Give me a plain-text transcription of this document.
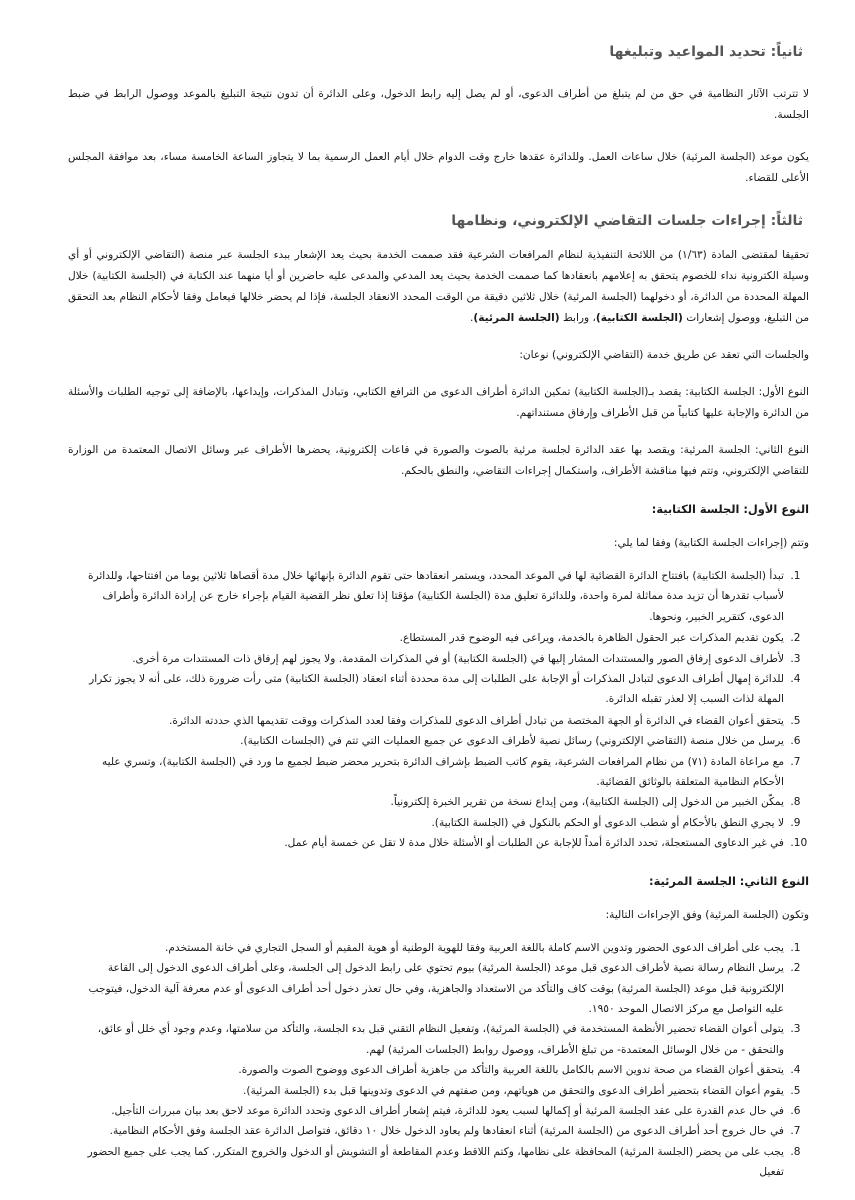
ثانياً: تحديد المواعيد وتبليغها

لا تترتب الآثار النظامية في حق من لم يتبلغ من أطراف الدعوى، أو لم يصل إليه رابط الدخول، وعلى الدائرة أن تدون نتيجة التبليغ بالموعد ووصول الرابط في ضبط الجلسة.

يكون موعد (الجلسة المرئية) خلال ساعات العمل. وللدائرة عقدها خارج وقت الدوام خلال أيام العمل الرسمية بما لا يتجاوز الساعة الخامسة مساء، بعد موافقة المجلس الأعلى للقضاء.

ثالثاً: إجراءات جلسات التقاضي الإلكتروني، ونظامها

تحقيقا لمقتضى المادة (١/٦٣) من اللائحة التنفيذية لنظام المرافعات الشرعية فقد صممت الخدمة بحيث يعد الإشعار ببدء الجلسة عبر منصة (التقاضي الإلكتروني أو أي وسيلة الكترونية نداء للخصوم يتحقق به إعلامهم بانعقادها كما صممت الخدمة بحيث يعد المدعي والمدعى عليه حاضرين أو أيا منهما عند الكتابة في (الجلسة الكتابية) خلال المهلة المحددة من الدائرة، أو دخولهما (الجلسة المرئية) خلال ثلاثين دقيقة من الوقت المحدد الانعقاد الجلسة، فإذا لم يحضر خلالها فيعامل وفقا لأحكام النظام بعد التحقق من التبليغ، ووصول إشعارات (الجلسة الكتابية)، ورابط (الجلسة المرئية).

والجلسات التي تعقد عن طريق خدمة (التقاضي الإلكتروني) نوعان:

النوع الأول: الجلسة الكتابية: يقصد بـ(الجلسة الكتابية) تمكين الدائرة أطراف الدعوى من الترافع الكتابي، وتبادل المذكرات، وإيداعها، بالإضافة إلى توجيه الطلبات والأسئلة من الدائرة والإجابة عليها كتابياً من قبل الأطراف وإرفاق مستنداتهم.

النوع الثاني: الجلسة المرئية: ويقصد بها عقد الدائرة لجلسة مرئية بالصوت والصورة في قاعات إلكترونية، يحضرها الأطراف عبر وسائل الاتصال المعتمدة من الوزارة للتقاضي الإلكتروني، وتتم فيها مناقشة الأطراف، واستكمال إجراءات التقاضي، والنطق بالحكم.

النوع الأول: الجلسة الكتابية:

وتتم (إجراءات الجلسة الكتابية) وفقا لما يلي:

1. تبدأ (الجلسة الكتابية) بافتتاح الدائرة القضائية لها في الموعد المحدد، ويستمر انعقادها حتى تقوم الدائرة بإنهائها خلال مدة أقصاها ثلاثين يوما من افتتاحها، وللدائرة لأسباب تقدرها أن تزيد مدة مماثلة لمرة واحدة، وللدائرة تعليق مدة (الجلسة الكتابية) مؤقتا إذا تعلق نظر القضية القيام بإجراء خارج عن إرادة الدائرة وأطراف الدعوى، كتقرير الخبير، ونحوها.
2. يكون تقديم المذكرات عبر الحقول الظاهرة بالخدمة، ويراعى فيه الوضوح قدر المستطاع.
3. لأطراف الدعوى إرفاق الصور والمستندات المشار إليها في (الجلسة الكتابية) أو في المذكرات المقدمة. ولا يجوز لهم إرفاق ذات المستندات مرة أخرى.
4. للدائرة إمهال أطراف الدعوى لتبادل المذكرات أو الإجابة على الطلبات إلى مدة محددة أثناء انعقاد (الجلسة الكتابية) متى رأت ضرورة ذلك، على أنه لا يجوز تكرار المهلة لذات السبب إلا لعذر تقبله الدائرة.
5. يتحقق أعوان القضاء في الدائرة أو الجهة المختصة من تبادل أطراف الدعوى للمذكرات وفقا لعدد المذكرات ووقت تقديمها الذي حددته الدائرة.
6. يرسل من خلال منصة (التقاضي الإلكتروني) رسائل نصية لأطراف الدعوى عن جميع العمليات التي تتم في (الجلسات الكتابية).
7. مع مراعاة المادة (٧١) من نظام المرافعات الشرعية، يقوم كاتب الضبط بإشراف الدائرة بتحرير محضر ضبط لجميع ما ورد في (الجلسة الكتابية)، وتسري عليه الأحكام النظامية المتعلقة بالوثائق القضائية.
8. يمكّن الخبير من الدخول إلى (الجلسة الكتابية)، ومن إيداع نسخة من تقرير الخبرة إلكترونياً.
9. لا يجري النطق بالأحكام أو شطب الدعوى أو الحكم بالنكول في (الجلسة الكتابية).
10. في غير الدعاوى المستعجلة، تحدد الدائرة أمداً للإجابة عن الطلبات أو الأسئلة خلال مدة لا تقل عن خمسة أيام عمل.
النوع الثاني: الجلسة المرئية:

وتكون (الجلسة المرئية) وفق الإجراءات التالية:

1. يجب على أطراف الدعوى الحضور وتدوين الاسم كاملة باللغة العربية وفقا للهوية الوطنية أو هوية المقيم أو السجل التجاري في خانة المستخدم.
2. يرسل النظام رسالة نصية لأطراف الدعوى قبل موعد (الجلسة المرئية) بيوم تحتوي على رابط الدخول إلى الجلسة، وعلى أطراف الدعوى الدخول إلى القاعة الإلكترونية قبل موعد (الجلسة المرئية) بوقت كاف والتأكد من الاستعداد والجاهزية، وفي حال تعذر دخول أحد أطراف الدعوى أو عدم معرفة آلية الدخول، فيتوجب عليه التواصل مع مركز الاتصال الموحد ١٩٥٠.
3. يتولى أعوان القضاء تحضير الأنظمة المستخدمة في (الجلسة المرئية)، وتفعيل النظام التقني قبل بدء الجلسة، والتأكد من سلامتها، وعدم وجود أي خلل أو عائق، والتحقق - من خلال الوسائل المعتمدة- من تبلغ الأطراف، ووصول روابط (الجلسات المرئية) لهم.
4. يتحقق أعوان القضاء من صحة تدوين الاسم بالكامل باللغة العربية والتأكد من جاهزية أطراف الدعوى ووضوح الصوت والصورة.
5. يقوم أعوان القضاء بتحضير أطراف الدعوى والتحقق من هوياتهم، ومن صفتهم في الدعوى وتدوينها قبل بدء (الجلسة المرئية).
6. في حال عدم القدرة على عقد الجلسة المرئية أو إكمالها لسبب يعود للدائرة، فيتم إشعار أطراف الدعوى وتحدد الدائرة موعد لاحق بعد بيان مبررات التأجيل.
7. في حال خروج أحد أطراف الدعوى من (الجلسة المرئية) أثناء انعقادها ولم يعاود الدخول خلال ١٠ دقائق، فتواصل الدائرة عقد الجلسة وفق الأحكام النظامية.
8. يجب على من يحضر (الجلسة المرئية) المحافظة على نظامها، وكتم اللاقط وعدم المقاطعة أو التشويش أو الدخول والخروج المتكرر. كما يجب على جميع الحضور تفعيل
